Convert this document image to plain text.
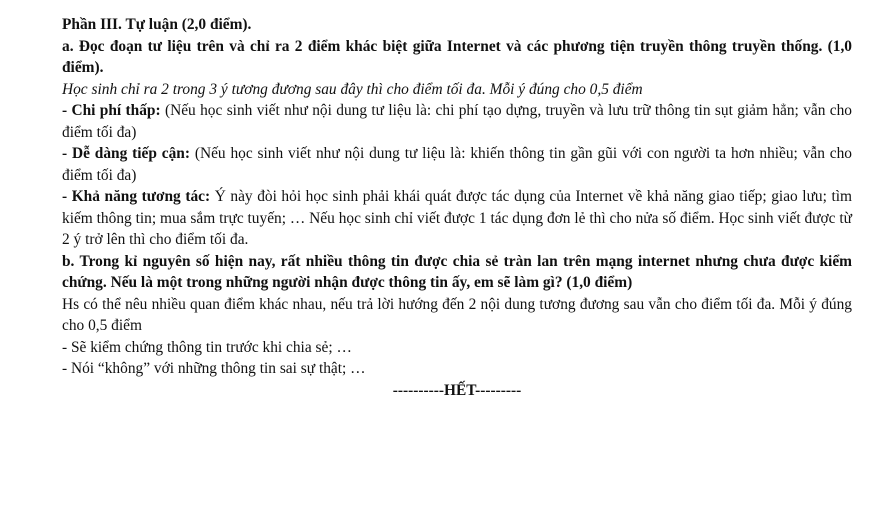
Phần III. Tự luận (2,0 điểm).

a. Đọc đoạn tư liệu trên và chỉ ra 2 điểm khác biệt giữa Internet và các phương tiện truyền thông truyền thống. (1,0 điểm).

Học sinh chỉ ra 2 trong 3 ý tương đương sau đây thì cho điểm tối đa. Mỗi ý đúng cho 0,5 điểm

- Chi phí thấp: (Nếu học sinh viết như nội dung tư liệu là: chi phí tạo dựng, truyền và lưu trữ thông tin sụt giảm hẳn; vẫn cho điểm tối đa)

- Dễ dàng tiếp cận: (Nếu học sinh viết như nội dung tư liệu là: khiến thông tin gần gũi với con người ta hơn nhiều; vẫn cho điểm tối đa)

- Khả năng tương tác: Ý này đòi hỏi học sinh phải khái quát được tác dụng của Internet về khả năng giao tiếp; giao lưu; tìm kiếm thông tin; mua sắm trực tuyến; … Nếu học sinh chỉ viết được 1 tác dụng đơn lẻ thì cho nửa số điểm. Học sinh viết được từ 2 ý trở lên thì cho điểm tối đa.

b. Trong kỉ nguyên số hiện nay, rất nhiều thông tin được chia sẻ tràn lan trên mạng internet nhưng chưa được kiểm chứng. Nếu là một trong những người nhận được thông tin ấy, em sẽ làm gì? (1,0 điểm)

Hs có thể nêu nhiều quan điểm khác nhau, nếu trả lời hướng đến 2 nội dung tương đương sau vẫn cho điểm tối đa. Mỗi ý đúng cho 0,5 điểm

- Sẽ kiểm chứng thông tin trước khi chia sẻ; …

- Nói “không” với những thông tin sai sự thật; …

----------HẾT---------
